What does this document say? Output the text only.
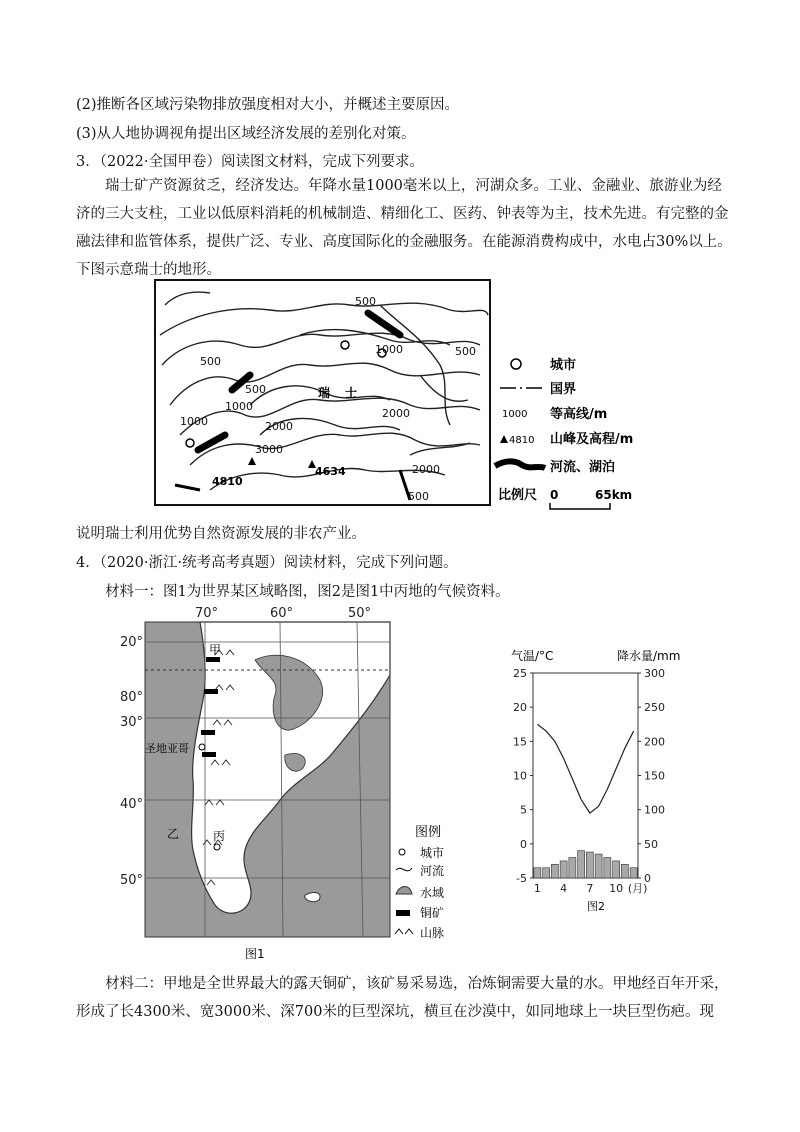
(2)推断各区域污染物排放强度相对大小，并概述主要原因。
(3)从人地协调视角提出区域经济发展的差别化对策。
3．（2022·全国甲卷）阅读图文材料，完成下列要求。
瑞士矿产资源贫乏，经济发达。年降水量1000毫米以上，河湖众多。工业、金融业、旅游业为经济的三大支柱，工业以低原料消耗的机械制造、精细化工、医药、钟表等为主，技术先进。有完整的金融法律和监管体系，提供广泛、专业、高度国际化的金融服务。在能源消费构成中，水电占30%以上。下图示意瑞士的地形。
500
500
500
1000
1000	2000
2000
2000
3000
1000
500
500
瑞 士
4810
4634
城市
国界
1000 等高线/m
4810 山峰及高程/m
河流、湖泊
比例尺 0	65km
说明瑞士利用优势自然资源发展的非农产业。
4．（2020·浙江·统考高考真题）阅读材料，完成下列问题。
材料一：图1为世界某区域略图，图2是图1中丙地的气候资料。
70°	60°	50°
20°
80°
30°
40°
50°
甲
圣地亚哥
乙	丙
图1
图例
城市
河流
水域
铜矿
山脉
气温/°C	降水量/mm
25
20
15
10
5
0
-5
300
250
200
150
100
50
0
1 4 7 10 (月)
图2
材料二：甲地是全世界最大的露天铜矿，该矿易采易选，冶炼铜需要大量的水。甲地经百年开采，形成了长4300米、宽3000米、深700米的巨型深坑，横亘在沙漠中，如同地球上一块巨型伤疤。现
